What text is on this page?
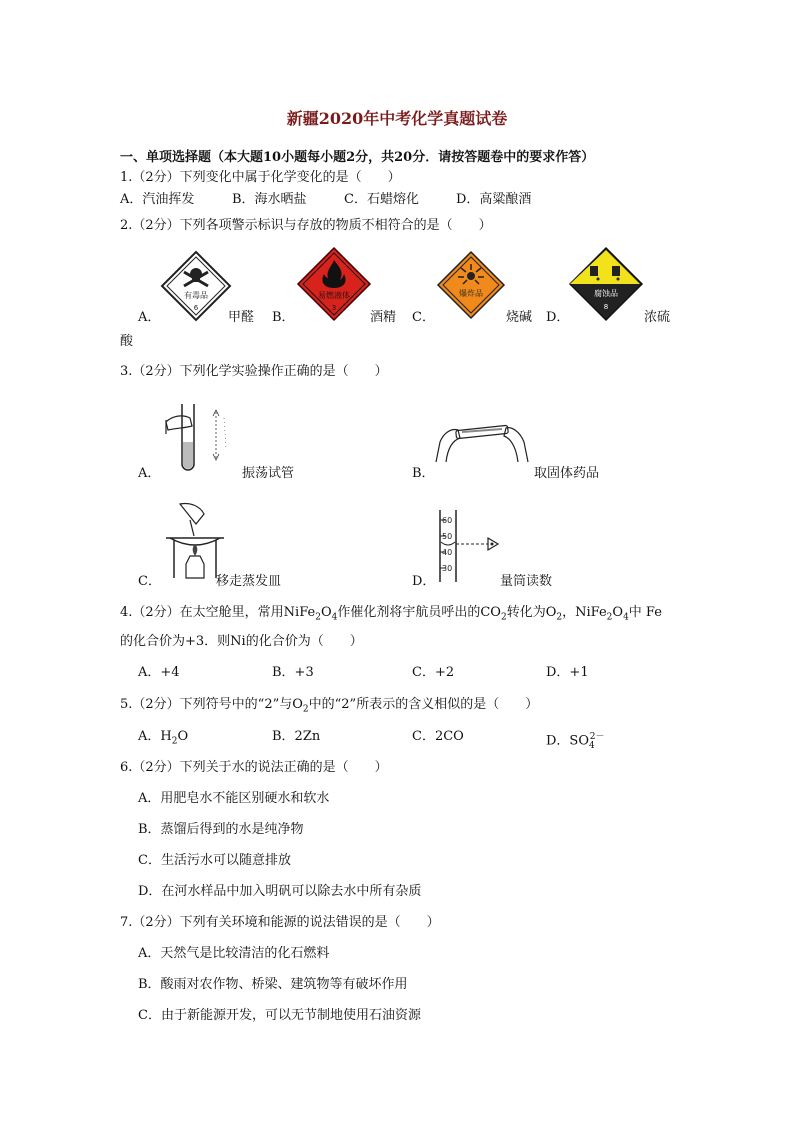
新疆2020年中考化学真题试卷
一、单项选择题（本大题10小题每小题2分，共20分．请按答题卷中的要求作答）
1.（2分）下列变化中属于化学变化的是（　　）
A．汽油挥发	B．海水晒盐	C．石蜡熔化	D．高粱酿酒
2.（2分）下列各项警示标识与存放的物质不相符合的是（　　）
有毒品
6
易燃液体
3
爆炸品	腐蚀品
8
A．	甲醛 B．	酒精 C．	烧碱 D．	浓硫
酸
3.（2分）下列化学实验操作正确的是（　　）
60
50
40
30
A．	振荡试管	B．	取固体药品
C．	移走蒸发皿	D．	量筒读数
4.（2分）在太空舱里，常用$NiFe_2O_4$作催化剂将宇航员呼出的$CO_2$转化为$O_2$，$NiFe_2O_4$中 Fe
的化合价为+3．则Ni的化合价为（　　）
A．+4	B．+3	C．+2	D．+1
5.（2分）下列符号中的“2”与$O_2$中的“2”所表示的含义相似的是（　　）
A．$H_2O$	B．2Zn	C．2CO	D．$SO_4^{2-}$
6.（2分）下列关于水的说法正确的是（　　）
A．用肥皂水不能区别硬水和软水
B．蒸馏后得到的水是纯净物
C．生活污水可以随意排放
D．在河水样品中加入明矾可以除去水中所有杂质
7.（2分）下列有关环境和能源的说法错误的是（　　）
A．天然气是比较清洁的化石燃料
B．酸雨对农作物、桥梁、建筑物等有破坏作用
C．由于新能源开发，可以无节制地使用石油资源
